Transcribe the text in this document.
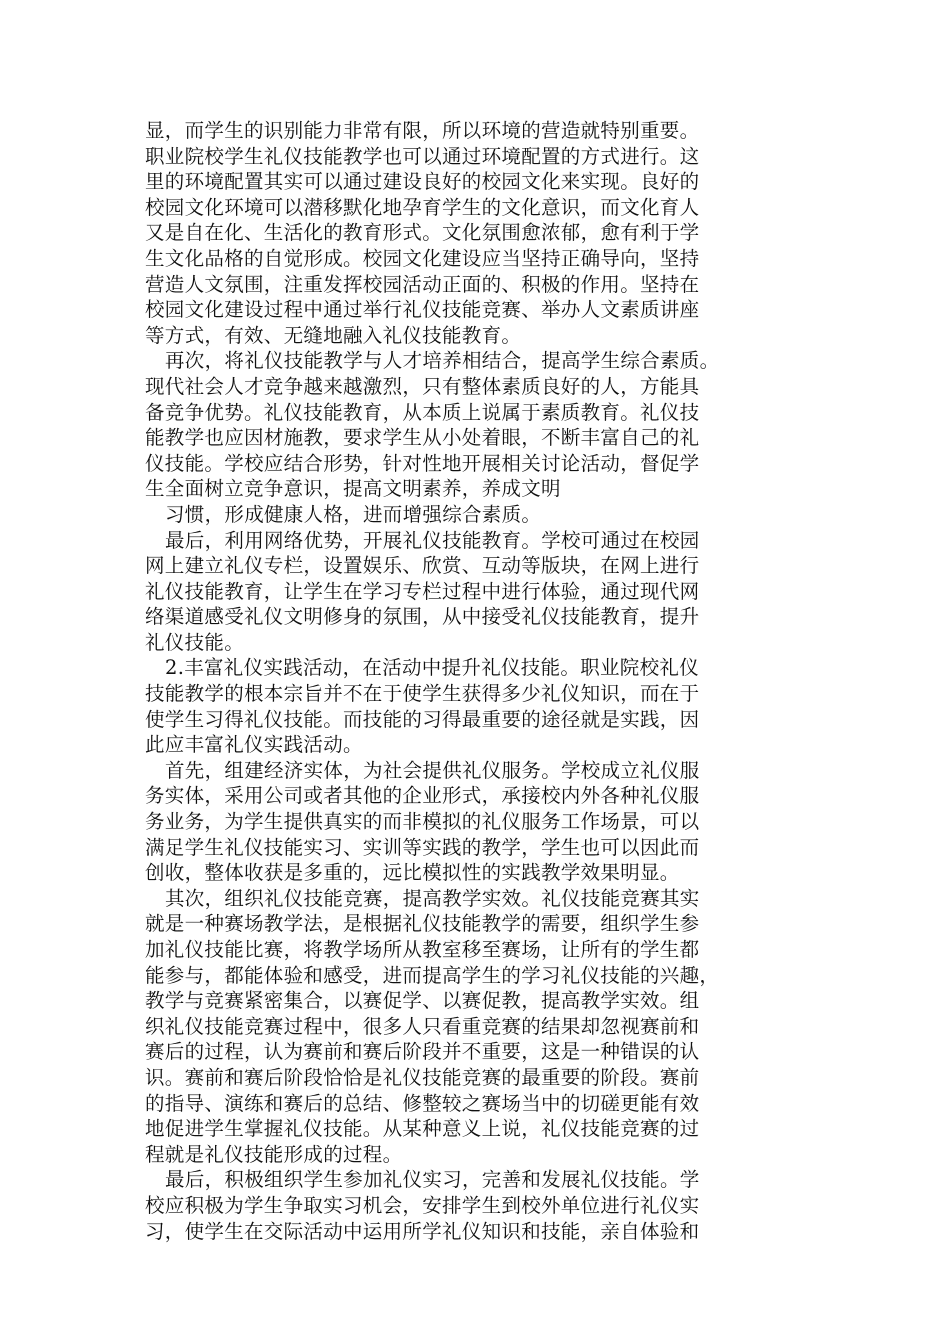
显，而学生的识别能力非常有限，所以环境的营造就特别重要。
职业院校学生礼仪技能教学也可以通过环境配置的方式进行。这
里的环境配置其实可以通过建设良好的校园文化来实现。良好的
校园文化环境可以潜移默化地孕育学生的文化意识，而文化育人
又是自在化、生活化的教育形式。文化氛围愈浓郁，愈有利于学
生文化品格的自觉形成。校园文化建设应当坚持正确导向，坚持
营造人文氛围，注重发挥校园活动正面的、积极的作用。坚持在
校园文化建设过程中通过举行礼仪技能竞赛、举办人文素质讲座
等方式，有效、无缝地融入礼仪技能教育。
再次，将礼仪技能教学与人才培养相结合，提高学生综合素质。
现代社会人才竞争越来越激烈，只有整体素质良好的人，方能具
备竞争优势。礼仪技能教育，从本质上说属于素质教育。礼仪技
能教学也应因材施教，要求学生从小处着眼，不断丰富自己的礼
仪技能。学校应结合形势，针对性地开展相关讨论活动，督促学
生全面树立竞争意识，提高文明素养，养成文明
习惯，形成健康人格，进而增强综合素质。
最后，利用网络优势，开展礼仪技能教育。学校可通过在校园
网上建立礼仪专栏，设置娱乐、欣赏、互动等版块，在网上进行
礼仪技能教育，让学生在学习专栏过程中进行体验，通过现代网
络渠道感受礼仪文明修身的氛围，从中接受礼仪技能教育，提升
礼仪技能。
2.丰富礼仪实践活动，在活动中提升礼仪技能。职业院校礼仪
技能教学的根本宗旨并不在于使学生获得多少礼仪知识，而在于
使学生习得礼仪技能。而技能的习得最重要的途径就是实践，因
此应丰富礼仪实践活动。
首先，组建经济实体，为社会提供礼仪服务。学校成立礼仪服
务实体，采用公司或者其他的企业形式，承接校内外各种礼仪服
务业务，为学生提供真实的而非模拟的礼仪服务工作场景，可以
满足学生礼仪技能实习、实训等实践的教学，学生也可以因此而
创收，整体收获是多重的，远比模拟性的实践教学效果明显。
其次，组织礼仪技能竞赛，提高教学实效。礼仪技能竞赛其实
就是一种赛场教学法，是根据礼仪技能教学的需要，组织学生参
加礼仪技能比赛，将教学场所从教室移至赛场，让所有的学生都
能参与，都能体验和感受，进而提高学生的学习礼仪技能的兴趣，
教学与竞赛紧密集合，以赛促学、以赛促教，提高教学实效。组
织礼仪技能竞赛过程中，很多人只看重竞赛的结果却忽视赛前和
赛后的过程，认为赛前和赛后阶段并不重要，这是一种错误的认
识。赛前和赛后阶段恰恰是礼仪技能竞赛的最重要的阶段。赛前
的指导、演练和赛后的总结、修整较之赛场当中的切磋更能有效
地促进学生掌握礼仪技能。从某种意义上说，礼仪技能竞赛的过
程就是礼仪技能形成的过程。
最后，积极组织学生参加礼仪实习，完善和发展礼仪技能。学
校应积极为学生争取实习机会，安排学生到校外单位进行礼仪实
习，使学生在交际活动中运用所学礼仪知识和技能，亲自体验和
